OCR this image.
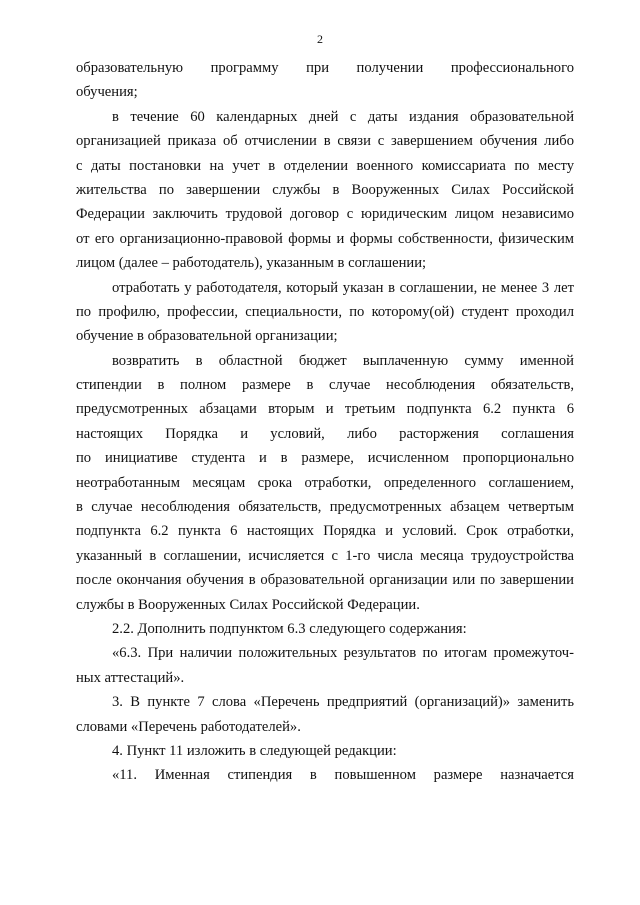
2

образовательную программу при получении профессионального
обучения;

в течение 60 календарных дней с даты издания образовательной
организацией приказа об отчислении в связи с завершением обучения либо
с даты постановки на учет в отделении военного комиссариата по месту
жительства по завершении службы в Вооруженных Силах Российской
Федерации заключить трудовой договор с юридическим лицом независимо
от его организационно-правовой формы и формы собственности, физическим
лицом (далее – работодатель), указанным в соглашении;

отработать у работодателя, который указан в соглашении, не менее 3 лет
по профилю, профессии, специальности, по которому(ой) студент проходил
обучение в образовательной организации;

возвратить в областной бюджет выплаченную сумму именной
стипендии в полном размере в случае несоблюдения обязательств,
предусмотренных абзацами вторым и третьим подпункта 6.2 пункта 6
настоящих Порядка и условий, либо расторжения соглашения
по инициативе студента и в размере, исчисленном пропорционально
неотработанным месяцам срока отработки, определенного соглашением,
в случае несоблюдения обязательств, предусмотренных абзацем четвертым
подпункта 6.2 пункта 6 настоящих Порядка и условий. Срок отработки,
указанный в соглашении, исчисляется с 1-го числа месяца трудоустройства
после окончания обучения в образовательной организации или по завершении
службы в Вооруженных Силах Российской Федерации.

2.2. Дополнить подпунктом 6.3 следующего содержания:

«6.3. При наличии положительных результатов по итогам промежуточ-
ных аттестаций».

3. В пункте 7 слова «Перечень предприятий (организаций)» заменить
словами «Перечень работодателей».

4. Пункт 11 изложить в следующей редакции:

«11. Именная стипендия в повышенном размере назначается
